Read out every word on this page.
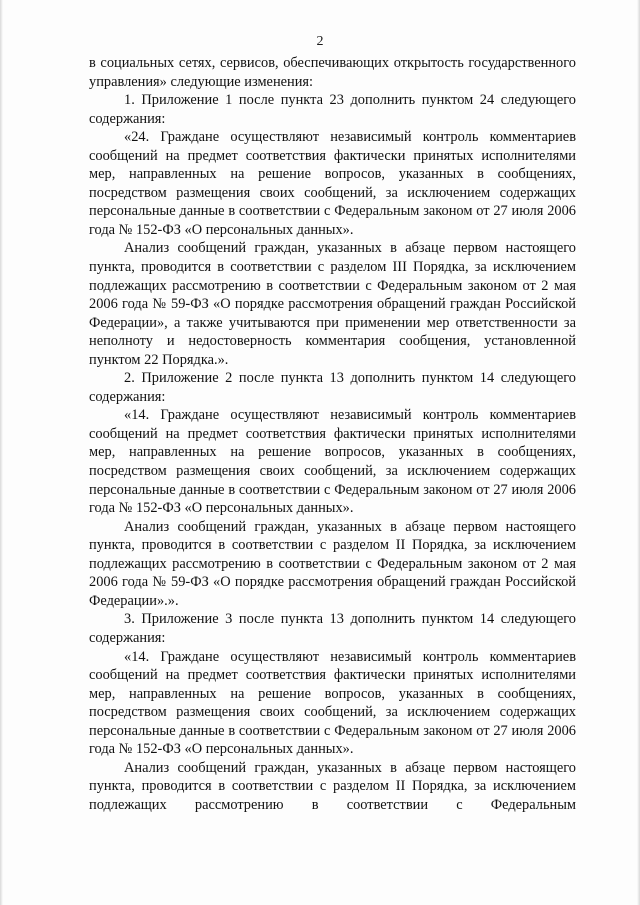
2

в социальных сетях, сервисов, обеспечивающих открытость государственного управления» следующие изменения:

1. Приложение 1 после пункта 23 дополнить пунктом 24 следующего содержания:

«24. Граждане осуществляют независимый контроль комментариев сообщений на предмет соответствия фактически принятых исполнителями мер, направленных на решение вопросов, указанных в сообщениях, посредством размещения своих сообщений, за исключением содержащих персональные данные в соответствии с Федеральным законом от 27 июля 2006 года № 152-ФЗ «О персональных данных».

Анализ сообщений граждан, указанных в абзаце первом настоящего пункта, проводится в соответствии с разделом III Порядка, за исключением подлежащих рассмотрению в соответствии с Федеральным законом от 2 мая 2006 года № 59-ФЗ «О порядке рассмотрения обращений граждан Российской Федерации», а также учитываются при применении мер ответственности за неполноту и недостоверность комментария сообщения, установленной пунктом 22 Порядка.».

2. Приложение 2 после пункта 13 дополнить пунктом 14 следующего содержания:

«14. Граждане осуществляют независимый контроль комментариев сообщений на предмет соответствия фактически принятых исполнителями мер, направленных на решение вопросов, указанных в сообщениях, посредством размещения своих сообщений, за исключением содержащих персональные данные в соответствии с Федеральным законом от 27 июля 2006 года № 152-ФЗ «О персональных данных».

Анализ сообщений граждан, указанных в абзаце первом настоящего пункта, проводится в соответствии с разделом II Порядка, за исключением подлежащих рассмотрению в соответствии с Федеральным законом от 2 мая 2006 года № 59-ФЗ «О порядке рассмотрения обращений граждан Российской Федерации».».

3. Приложение 3 после пункта 13 дополнить пунктом 14 следующего содержания:

«14. Граждане осуществляют независимый контроль комментариев сообщений на предмет соответствия фактически принятых исполнителями мер, направленных на решение вопросов, указанных в сообщениях, посредством размещения своих сообщений, за исключением содержащих персональные данные в соответствии с Федеральным законом от 27 июля 2006 года № 152-ФЗ «О персональных данных».

Анализ сообщений граждан, указанных в абзаце первом настоящего пункта, проводится в соответствии с разделом II Порядка, за исключением подлежащих рассмотрению в соответствии с Федеральным
